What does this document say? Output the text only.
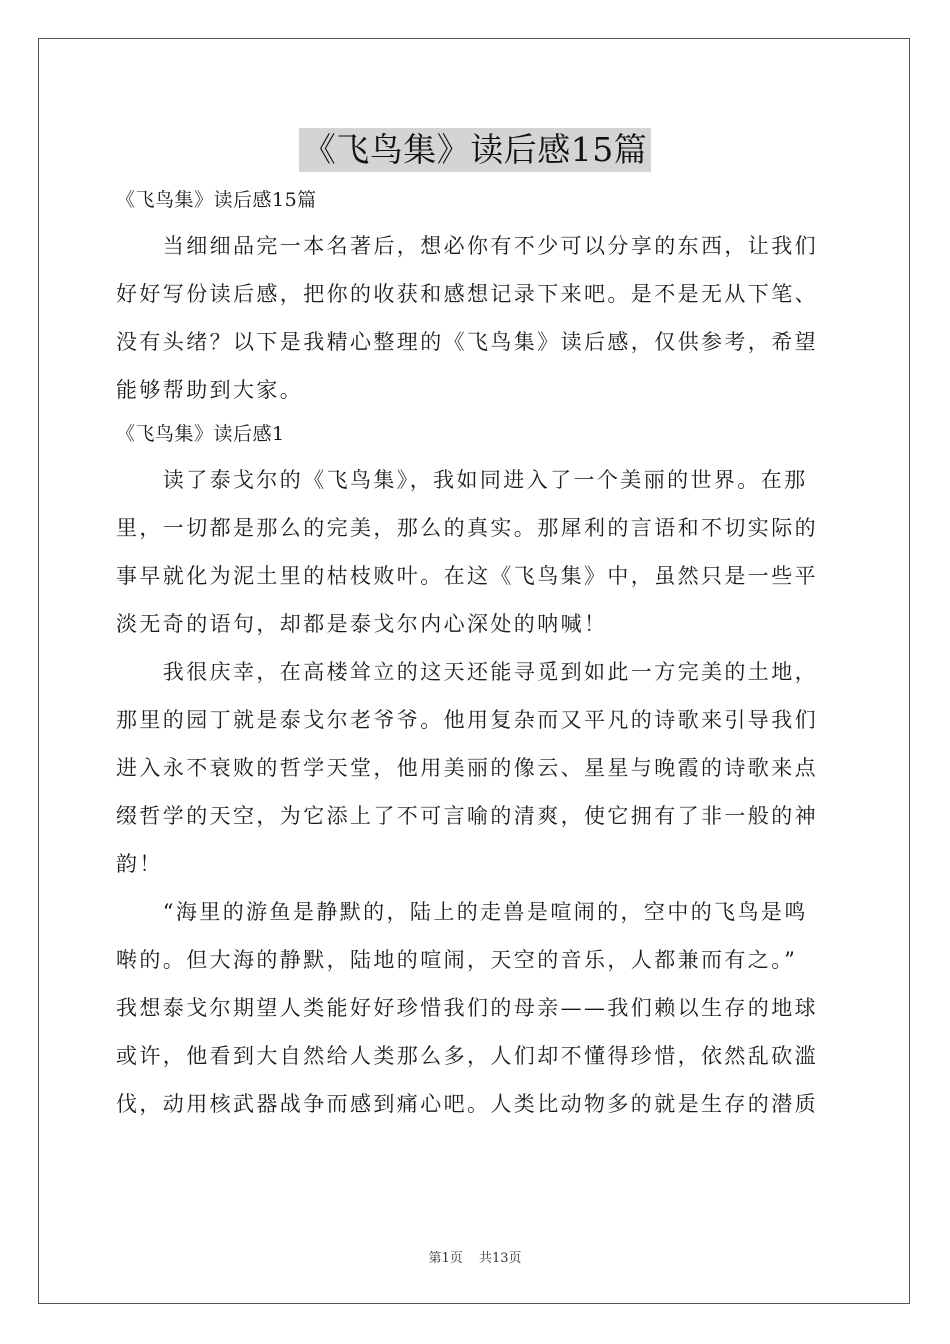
《飞鸟集》读后感15篇
《飞鸟集》读后感15篇
　　当细细品完一本名著后，想必你有不少可以分享的东西，让我们
好好写份读后感，把你的收获和感想记录下来吧。是不是无从下笔、
没有头绪？以下是我精心整理的《飞鸟集》读后感，仅供参考，希望
能够帮助到大家。
《飞鸟集》读后感1
　　读了泰戈尔的《飞鸟集》，我如同进入了一个美丽的世界。在那
里，一切都是那么的完美，那么的真实。那犀利的言语和不切实际的
事早就化为泥土里的枯枝败叶。在这《飞鸟集》中，虽然只是一些平
淡无奇的语句，却都是泰戈尔内心深处的呐喊！
　　我很庆幸，在高楼耸立的这天还能寻觅到如此一方完美的土地，
那里的园丁就是泰戈尔老爷爷。他用复杂而又平凡的诗歌来引导我们
进入永不衰败的哲学天堂，他用美丽的像云、星星与晚霞的诗歌来点
缀哲学的天空，为它添上了不可言喻的清爽，使它拥有了非一般的神
韵！
　　“海里的游鱼是静默的，陆上的走兽是喧闹的，空中的飞鸟是鸣
啭的。但大海的静默，陆地的喧闹，天空的音乐，人都兼而有之。”
我想泰戈尔期望人类能好好珍惜我们的母亲——我们赖以生存的地球
或许，他看到大自然给人类那么多，人们却不懂得珍惜，依然乱砍滥
伐，动用核武器战争而感到痛心吧。人类比动物多的就是生存的潜质
第1页 共13页
